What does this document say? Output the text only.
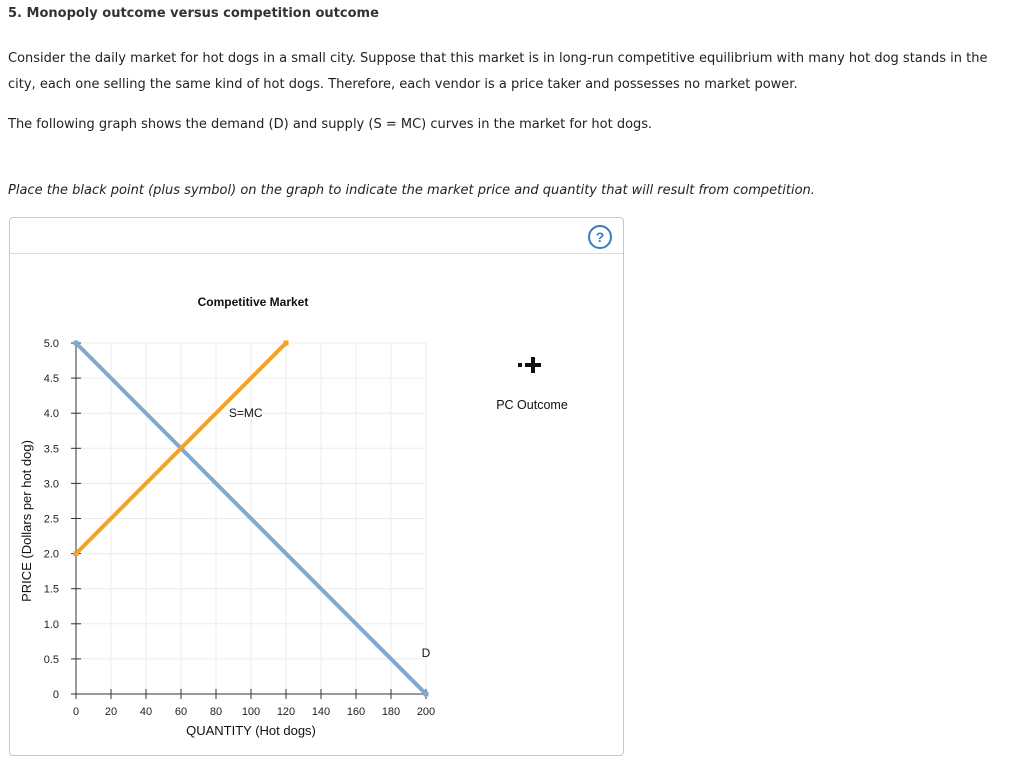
5. Monopoly outcome versus competition outcome

Consider the daily market for hot dogs in a small city. Suppose that this market is in long-run competitive equilibrium with many hot dog stands in the city, each one selling the same kind of hot dogs. Therefore, each vendor is a price taker and possesses no market power.

The following graph shows the demand (D) and supply (S = MC) curves in the market for hot dogs.

Place the black point (plus symbol) on the graph to indicate the market price and quantity that will result from competition.
?
0 20 40 60 80 100 120 140 160 180 200
0
0.5
1.0
1.5
2.0
2.5
3.0
3.5
4.0
4.5
5.0
D
S=MC
Competitive Market
QUANTITY (Hot dogs)
PRICE (Dollars per hot dog)
PC Outcome
